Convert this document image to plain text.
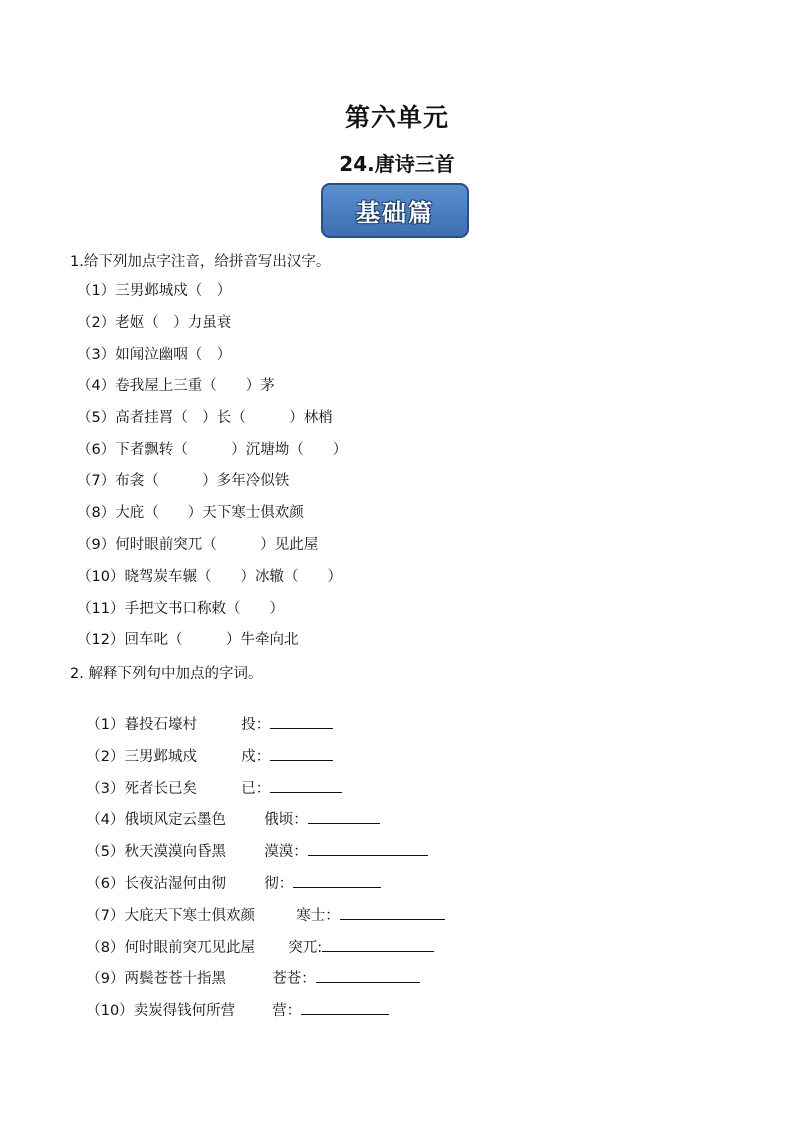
第六单元
24.唐诗三首
基础篇

1.给下列加点字注音，给拼音写出汉字。

（1）三男邺城戍（　）
（2）老妪（　）力虽衰
（3）如闻泣幽咽（　）
（4）卷我屋上三重（　　）茅
（5）高者挂罥（　）长（　　　）林梢
（6）下者飘转（　　　）沉塘坳（　　）
（7）布衾（　　　）多年冷似铁
（8）大庇（　　）天下寒士俱欢颜
（9）何时眼前突兀（　　　）见此屋
（10）晓驾炭车辗（　　）冰辙（　　）
（11）手把文书口称敕（　　）
（12）回车叱（　　　）牛牵向北

2. 解释下列句中加点的字词。

（1）暮投石壕村	投：

（2）三男邺城戍	戍：

（3）死者长已矣	已：

（4）俄顷风定云墨色	俄顷：

（5）秋天漠漠向昏黑	漠漠：

（6）长夜沾湿何由彻	彻：

（7）大庇天下寒士俱欢颜	寒士：

（8）何时眼前突兀见此屋 突兀:

（9）两鬓苍苍十指黑	苍苍：

（10）卖炭得钱何所营	营：
